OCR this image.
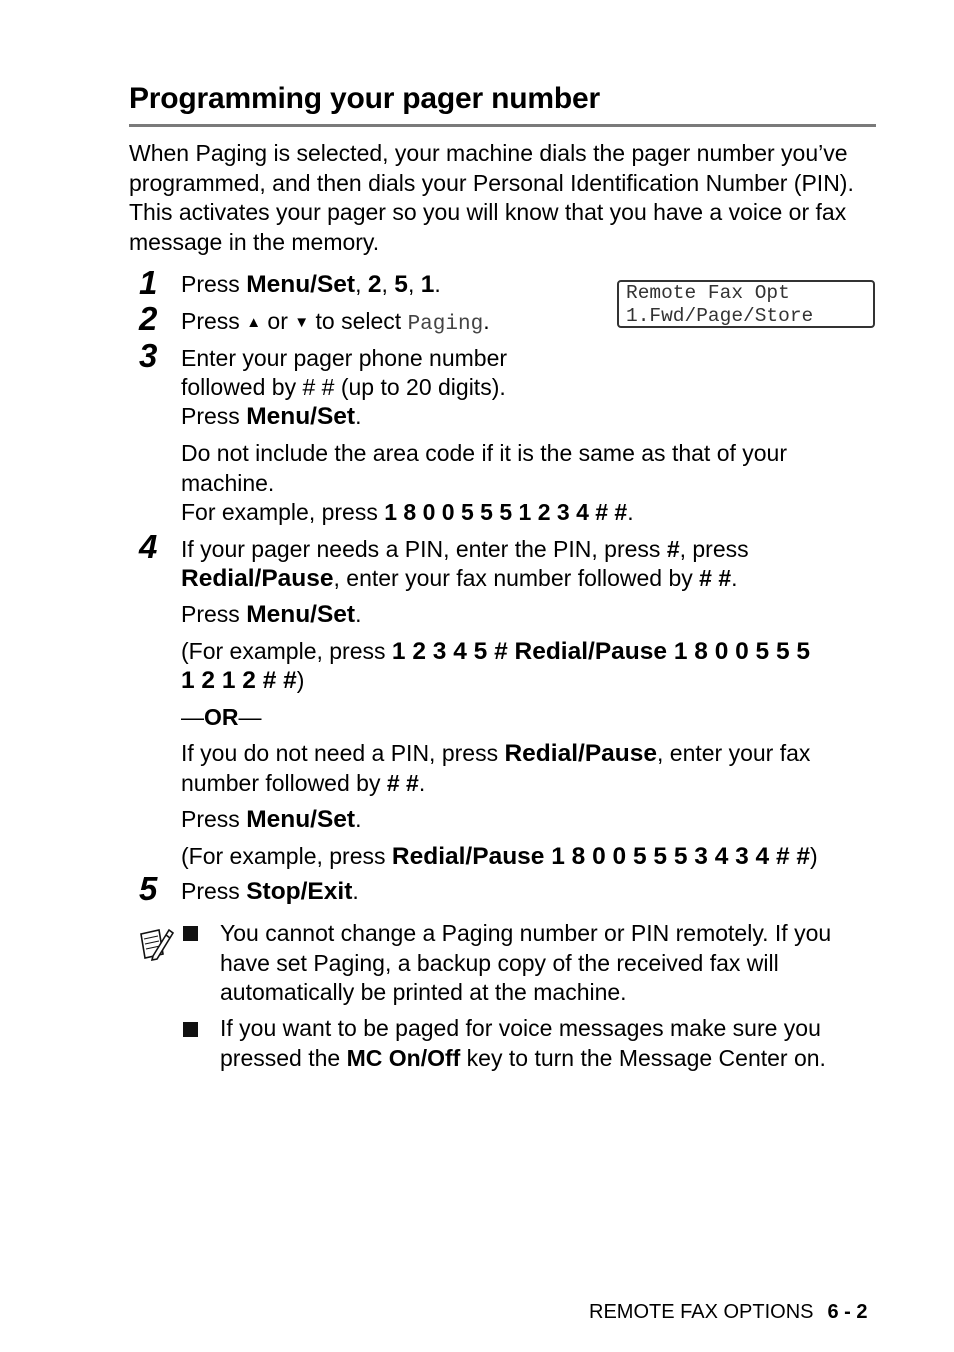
Programming your pager number

When Paging is selected, your machine dials the pager number you’ve programmed, and then dials your Personal Identification Number (PIN). This activates your pager so you will know that you have a voice or fax message in the memory.

Remote Fax Opt
1.Fwd/Page/Store
1 Press Menu/Set, 2, 5, 1.

2 Press ▲ or ▼ to select Paging.

3 Enter your pager phone number

followed by # # (up to 20 digits).

Press Menu/Set.

Do not include the area code if it is the same as that of your machine.

For example, press 1 8 0 0 5 5 5 1 2 3 4 # #.

4 If your pager needs a PIN, enter the PIN, press #, press

Redial/Pause, enter your fax number followed by # #.

Press Menu/Set.

(For example, press 1 2 3 4 5 # Redial/Pause 1 8 0 0 5 5 5

1 2 1 2 # #)

—OR—

If you do not need a PIN, press Redial/Pause, enter your fax

number followed by # #.

Press Menu/Set.

(For example, press Redial/Pause 1 8 0 0 5 5 5 3 4 3 4 # #)

5 Press Stop/Exit.

You cannot change a Paging number or PIN remotely. If you have set Paging, a backup copy of the received fax will automatically be printed at the machine.

If you want to be paged for voice messages make sure you pressed the MC On/Off key to turn the Message Center on.

REMOTE FAX OPTIONS 6 - 2
